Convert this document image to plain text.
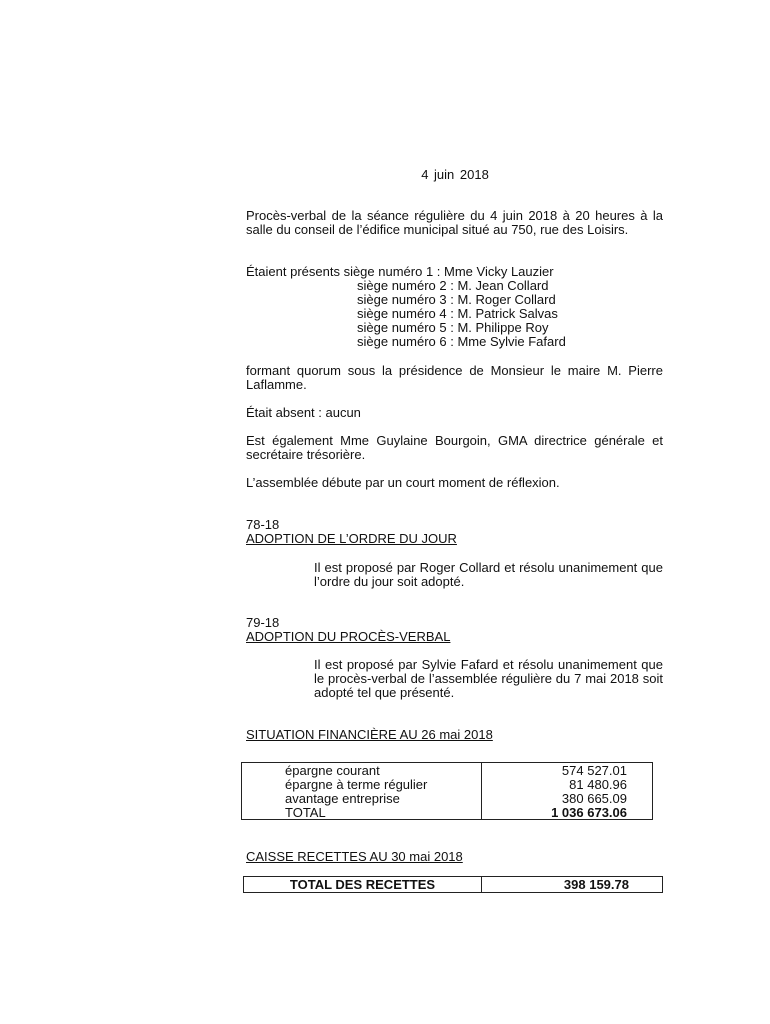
4 juin 2018
Procès-verbal de la séance régulière du 4 juin 2018 à 20 heures à la salle du conseil de l’édifice municipal situé au 750, rue des Loisirs.
Étaient présents siège numéro 1 : Mme Vicky Lauzier
siège numéro 2 : M. Jean Collard
siège numéro 3 : M. Roger Collard
siège numéro 4 : M. Patrick Salvas
siège numéro 5 : M. Philippe Roy
siège numéro 6 : Mme Sylvie Fafard
formant quorum sous la présidence de Monsieur le maire M. Pierre Laflamme.
Était absent : aucun
Est également Mme Guylaine Bourgoin, GMA directrice générale et secrétaire trésorière.
L’assemblée débute par un court moment de réflexion.
78-18
ADOPTION DE L’ORDRE DU JOUR
Il est proposé par Roger Collard et résolu unanimement que l’ordre du jour soit adopté.
79-18
ADOPTION DU PROCÈS-VERBAL
Il est proposé par Sylvie Fafard et résolu unanimement que le procès-verbal de l’assemblée régulière du 7 mai 2018 soit adopté tel que présenté.
SITUATION FINANCIÈRE AU 26 mai 2018
épargne courant	574 527.01
épargne à terme régulier	81 480.96
avantage entreprise	380 665.09
TOTAL	1 036 673.06
CAISSE RECETTES AU 30 mai 2018
TOTAL DES RECETTES	398 159.78
